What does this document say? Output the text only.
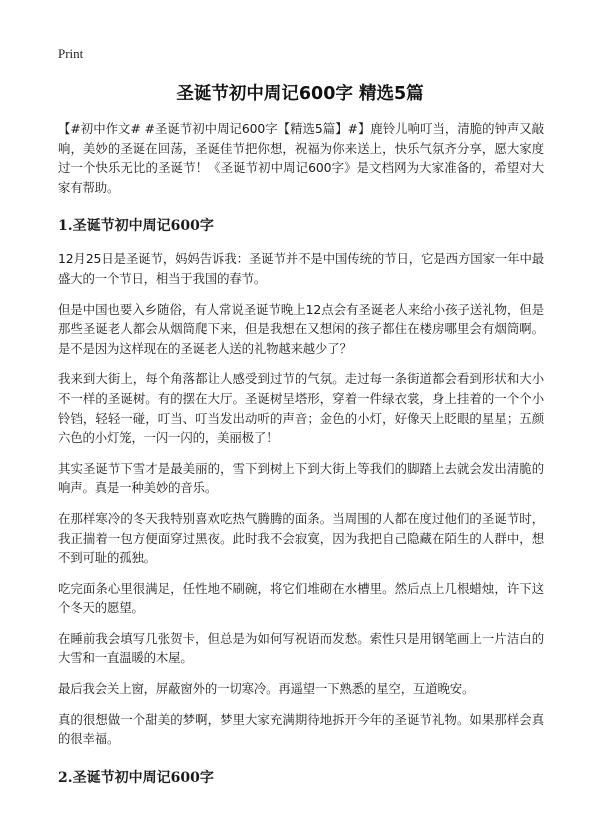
Print
圣诞节初中周记600字 精选5篇

【#初中作文# #圣诞节初中周记600字【精选5篇】#】鹿铃儿响叮当，清脆的钟声又敲响，美妙的圣诞在回荡，圣诞佳节把你想，祝福为你来送上，快乐气氛齐分享，愿大家度过一个快乐无比的圣诞节！《圣诞节初中周记600字》是文档网为大家准备的，希望对大家有帮助。

1.圣诞节初中周记600字

12月25日是圣诞节，妈妈告诉我：圣诞节并不是中国传统的节日，它是西方国家一年中最盛大的一个节日，相当于我国的春节。

但是中国也要入乡随俗，有人常说圣诞节晚上12点会有圣诞老人来给小孩子送礼物，但是那些圣诞老人都会从烟筒爬下来，但是我想在又想闲的孩子都住在楼房哪里会有烟筒啊。是不是因为这样现在的圣诞老人送的礼物越来越少了？

我来到大街上，每个角落都让人感受到过节的气氛。走过每一条街道都会看到形状和大小不一样的圣诞树。有的摆在大厅。圣诞树呈塔形，穿着一件绿衣裳，身上挂着的一个个小铃铛，轻轻一碰，叮当、叮当发出动听的声音；金色的小灯，好像天上眨眼的星星；五颜六色的小灯笼，一闪一闪的，美丽极了！

其实圣诞节下雪才是最美丽的，雪下到树上下到大街上等我们的脚踏上去就会发出清脆的响声。真是一种美妙的音乐。

在那样寒冷的冬天我特别喜欢吃热气腾腾的面条。当周围的人都在度过他们的圣诞节时，我正揣着一包方便面穿过黑夜。此时我不会寂寞，因为我把自己隐藏在陌生的人群中，想不到可耻的孤独。

吃完面条心里很满足，任性地不刷碗，将它们堆砌在水槽里。然后点上几根蜡烛，许下这个冬天的愿望。

在睡前我会填写几张贺卡，但总是为如何写祝语而发愁。索性只是用钢笔画上一片洁白的大雪和一直温暖的木屋。

最后我会关上窗，屏蔽窗外的一切寒冷。再遥望一下熟悉的星空，互道晚安。

真的很想做一个甜美的梦啊，梦里大家充满期待地拆开今年的圣诞节礼物。如果那样会真的很幸福。

2.圣诞节初中周记600字
